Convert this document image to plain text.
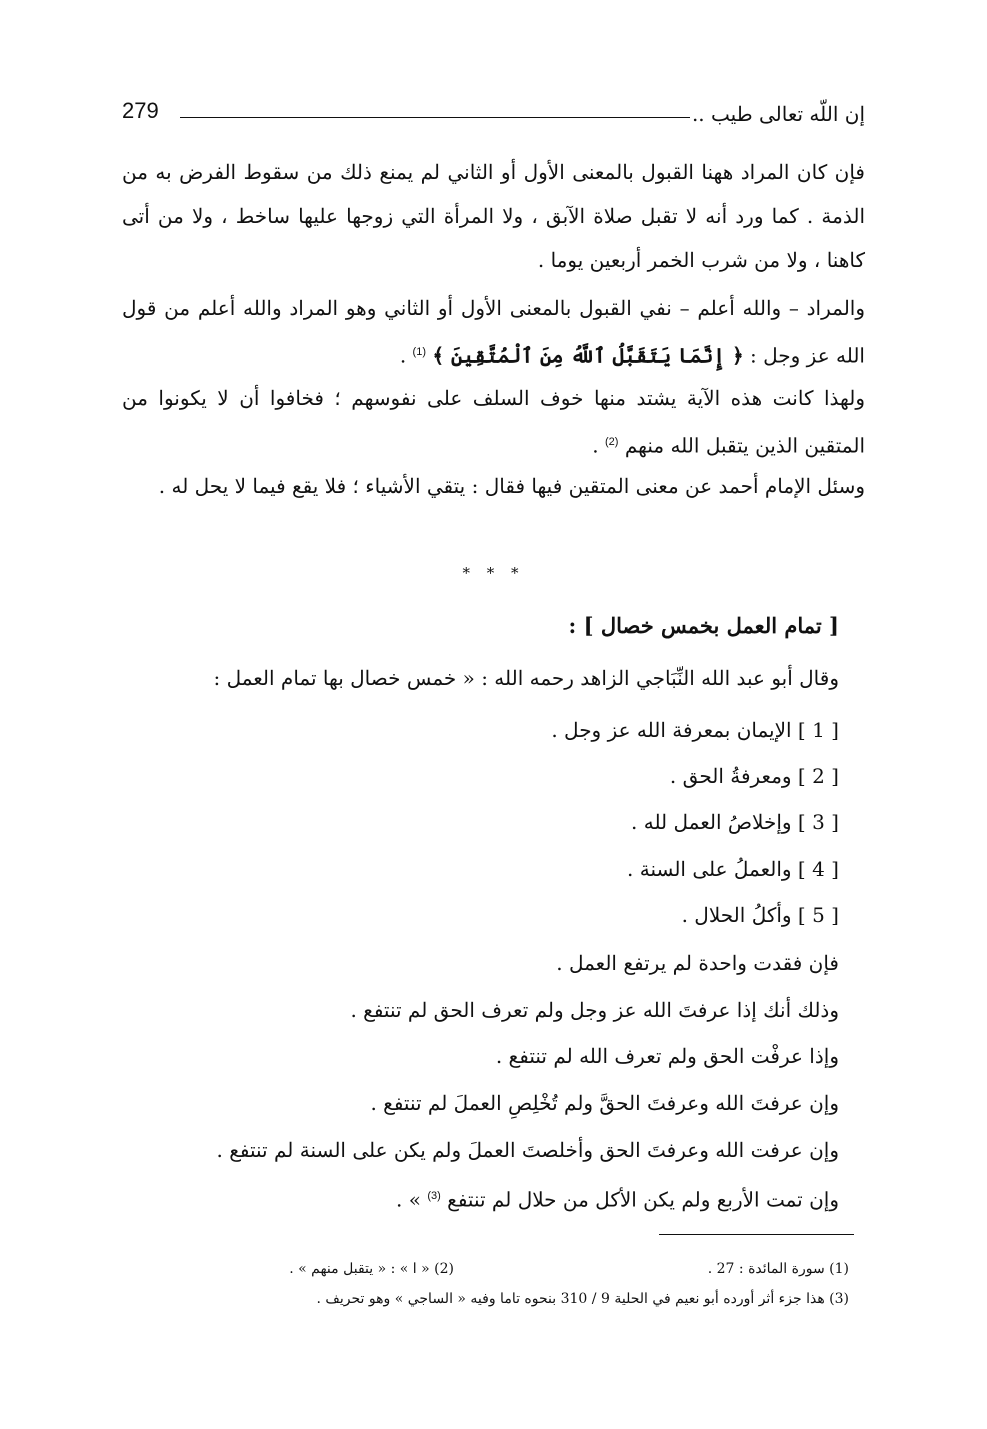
إن اللّه تعالى طيب ..
279

فإن كان المراد ههنا القبول بالمعنى الأول أو الثاني لم يمنع ذلك من سقوط الفرض به من الذمة . كما ورد أنه لا تقبل صلاة الآبق ، ولا المرأة التي زوجها عليها ساخط ، ولا من أتى كاهنا ، ولا من شرب الخمر أربعين يوما .

والمراد – والله أعلم – نفي القبول بالمعنى الأول أو الثاني وهو المراد والله أعلم من قول الله عز وجل : ﴿ إِنَّمَا يَتَقَبَّلُ ٱللَّهُ مِنَ ٱلْمُتَّقِينَ ﴾ $^{(1)}$ .

ولهذا كانت هذه الآية يشتد منها خوف السلف على نفوسهم ؛ فخافوا أن لا يكونوا من المتقين الذين يتقبل الله منهم $^{(2)}$ .

وسئل الإمام أحمد عن معنى المتقين فيها فقال : يتقي الأشياء ؛ فلا يقع فيما لا يحل له .

* * *
[ تمام العمل بخمس خصال ] :

وقال أبو عبد الله النِّبَاجي الزاهد رحمه الله : « خمس خصال بها تمام العمل :

[ 1 ] الإيمان بمعرفة الله عز وجل .

[ 2 ] ومعرفةُ الحق .

[ 3 ] وإخلاصُ العمل لله .

[ 4 ] والعملُ على السنة .

[ 5 ] وأكلُ الحلال .

فإن فقدت واحدة لم يرتفع العمل .

وذلك أنك إذا عرفتَ الله عز وجل ولم تعرف الحق لم تنتفع .

وإذا عرفْت الحق ولم تعرف الله لم تنتفع .

وإن عرفتَ الله وعرفتَ الحقَّ ولم تُخْلِصِ العملَ لم تنتفع .

وإن عرفت الله وعرفتَ الحق وأخلصتَ العملَ ولم يكن على السنة لم تنتفع .

وإن تمت الأربع ولم يكن الأكل من حلال لم تنتفع $^{(3)}$ » .

(1) سورة المائدة : 27 .
(2) « ا » : « يتقبل منهم » .
(3) هذا جزء أثر أورده أبو نعيم في الحلية 9 / 310 بنحوه تاما وفيه « الساجي » وهو تحريف .
